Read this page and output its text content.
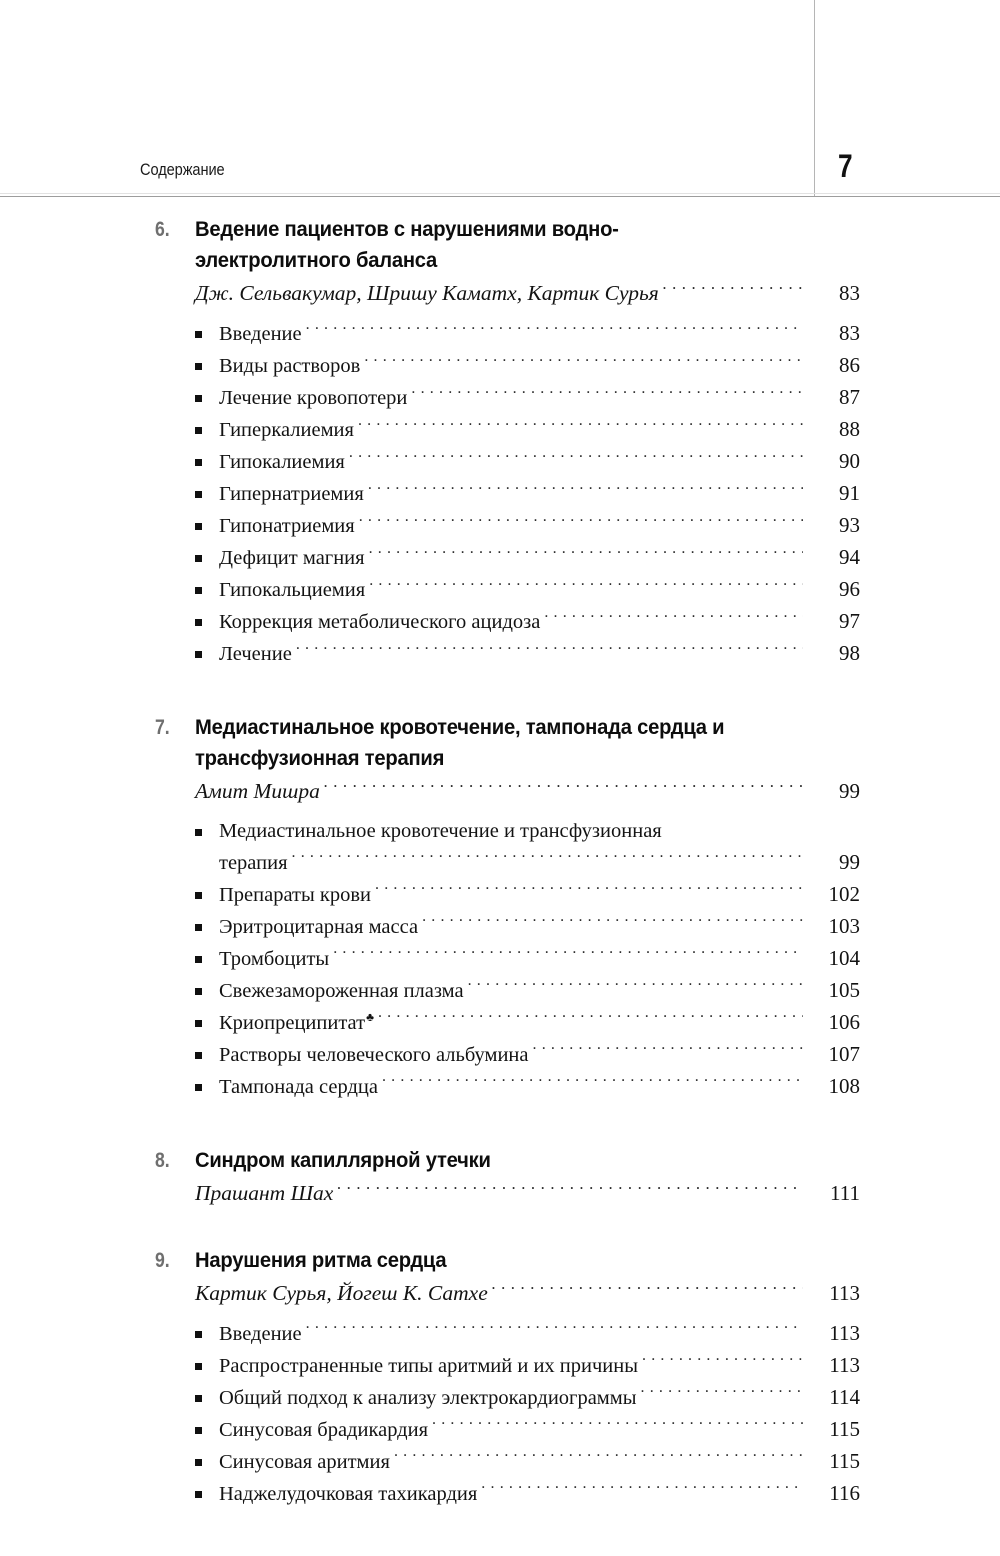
Содержание	7
6.	Ведение пациентов с нарушениями водно-электролитного баланса
Дж. Сельвакумар, Шришу Каматх, Картик Сурья . . .	83
Введение . . .	83
Виды растворов . . .	86
Лечение кровопотери . . .	87
Гиперкалиемия . . .	88
Гипокалиемия . . .	90
Гипернатриемия . . .	91
Гипонатриемия . . .	93
Дефицит магния . . .	94
Гипокальциемия . . .	96
Коррекция метаболического ацидоза . . .	97
Лечение . . .	98
7.	Медиастинальное кровотечение, тампонада сердца и трансфузионная терапия
Амит Мишра . . .	99
Медиастинальное кровотечение и трансфузионная
терапия . . .	99
Препараты крови . . .	102
Эритроцитарная масса . . .	103
Тромбоциты . . .	104
Свежезамороженная плазма . . .	105
Криопреципитат♣ . . .	106
Растворы человеческого альбумина . . .	107
Тампонада сердца . . .	108
8.	Синдром капиллярной утечки
Прашант Шах . . .	111
9.	Нарушения ритма сердца
Картик Сурья, Йогеш К. Сатхе . . .	113
Введение . . .	113
Распространенные типы аритмий и их причины . . .	113
Общий подход к анализу электрокардиограммы . . .	114
Синусовая брадикардия . . .	115
Синусовая аритмия . . .	115
Наджелудочковая тахикардия . . .	116
